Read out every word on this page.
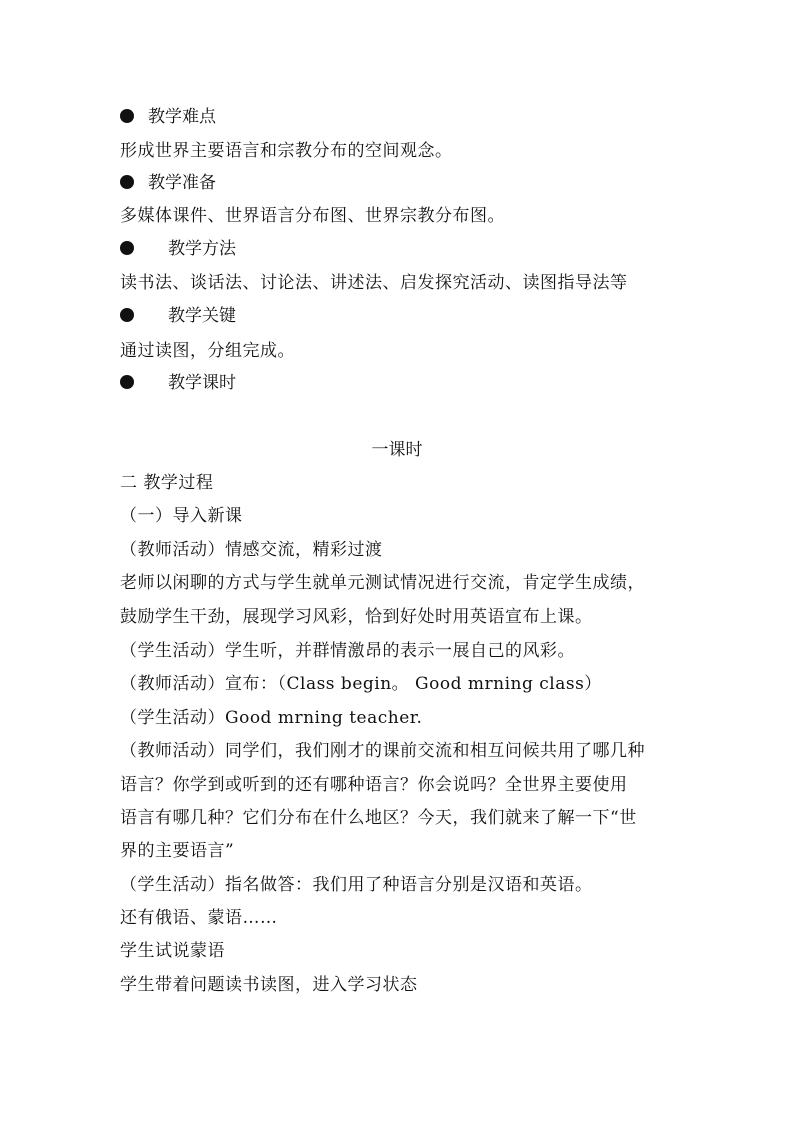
教学难点
形成世界主要语言和宗教分布的空间观念。
教学准备
多媒体课件、世界语言分布图、世界宗教分布图。
教学方法
读书法、谈话法、讨论法、讲述法、启发探究活动、读图指导法等
教学关键
通过读图，分组完成。
教学课时
一课时
二 教学过程
（一）导入新课
（教师活动）情感交流，精彩过渡
老师以闲聊的方式与学生就单元测试情况进行交流，肯定学生成绩，
鼓励学生干劲，展现学习风彩，恰到好处时用英语宣布上课。
（学生活动）学生听，并群情激昂的表示一展自己的风彩。
（教师活动）宣布：（Class begin。 Good mrning class）
（学生活动）Good mrning teacher.
（教师活动）同学们，我们刚才的课前交流和相互问候共用了哪几种
语言？你学到或听到的还有哪种语言？你会说吗？全世界主要使用
语言有哪几种？它们分布在什么地区？今天，我们就来了解一下“世
界的主要语言”
（学生活动）指名做答：我们用了种语言分别是汉语和英语。
还有俄语、蒙语……
学生试说蒙语
学生带着问题读书读图，进入学习状态
